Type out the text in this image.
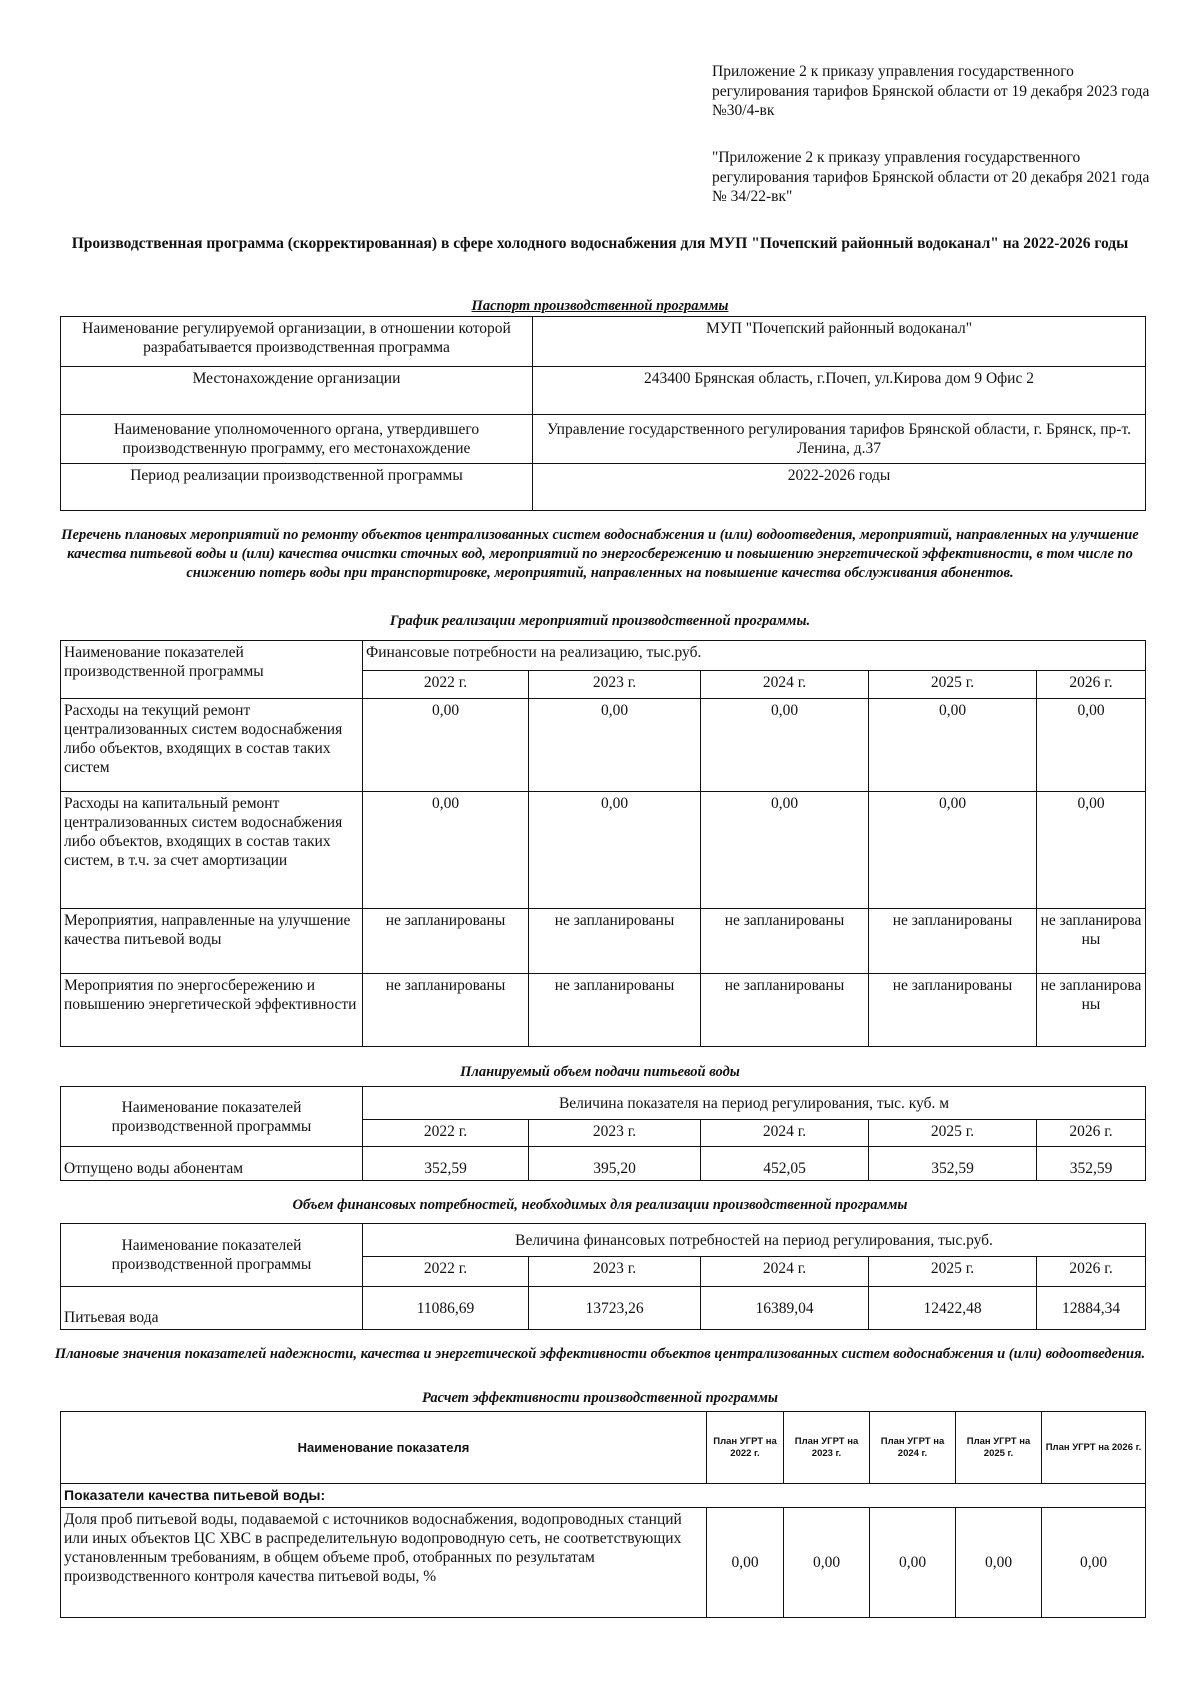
Приложение 2 к приказу управления государственного регулирования тарифов Брянской области от 19 декабря 2023 года №30/4-вк
"Приложение 2 к приказу управления государственного регулирования тарифов Брянской области от 20 декабря 2021 года № 34/22-вк"
Производственная программа (скорректированная) в сфере холодного водоснабжения для МУП "Почепский районный водоканал" на 2022-2026 годы
Паспорт производственной программы
Наименование регулируемой организации, в отношении которой разрабатывается производственная программа	МУП "Почепский районный водоканал"
Местонахождение организации	243400 Брянская область, г.Почеп, ул.Кирова дом 9 Офис 2
Наименование уполномоченного органа, утвердившего производственную программу, его местонахождение	Управление государственного регулирования тарифов Брянской области, г. Брянск, пр-т. Ленина, д.37
Период реализации производственной программы	2022-2026 годы
Перечень плановых мероприятий по ремонту объектов централизованных систем водоснабжения и (или) водоотведения, мероприятий, направленных на улучшение качества питьевой воды и (или) качества очистки сточных вод, мероприятий по энергосбережению и повышению энергетической эффективности, в том числе по снижению потерь воды при транспортировке, мероприятий, направленных на повышение качества обслуживания абонентов.
График реализации мероприятий производственной программы.
Наименование показателей производственной программы	Финансовые потребности на реализацию, тыс.руб.				
	2022 г.	2023 г.	2024 г.	2025 г.	2026 г.
Расходы на текущий ремонт централизованных систем водоснабжения либо объектов, входящих в состав таких систем	0,00	0,00	0,00	0,00	0,00
Расходы на капитальный ремонт централизованных систем водоснабжения либо объектов, входящих в состав таких систем, в т.ч. за счет амортизации	0,00	0,00	0,00	0,00	0,00
Мероприятия, направленные на улучшение качества питьевой воды	не запланированы	не запланированы	не запланированы	не запланированы	не запланированы
Мероприятия по энергосбережению и повышению энергетической эффективности	не запланированы	не запланированы	не запланированы	не запланированы	не запланированы
Планируемый объем подачи питьевой воды
Наименование показателей производственной программы	Величина показателя на период регулирования, тыс. куб. м				
	2022 г.	2023 г.	2024 г.	2025 г.	2026 г.
Отпущено воды абонентам	352,59	395,20	452,05	352,59	352,59
Объем финансовых потребностей, необходимых для реализации производственной программы
Наименование показателей производственной программы	Величина финансовых потребностей на период регулирования, тыс.руб.				
	2022 г.	2023 г.	2024 г.	2025 г.	2026 г.
Питьевая вода	11086,69	13723,26	16389,04	12422,48	12884,34
Плановые значения показателей надежности, качества и энергетической эффективности объектов централизованных систем водоснабжения и (или) водоотведения.
Расчет эффективности производственной программы
Наименование показателя	План УГРТ на 2022 г.	План УГРТ на 2023 г.	План УГРТ на 2024 г.	План УГРТ на 2025 г.	План УГРТ на 2026 г.
Показатели качества питьевой воды:					
Доля проб питьевой воды, подаваемой с источников водоснабжения, водопроводных станций или иных объектов ЦС ХВС в распределительную водопроводную сеть, не соответствующих установленным требованиям, в общем объеме проб, отобранных по результатам производственного контроля качества питьевой воды, %	0,00	0,00	0,00	0,00	0,00
